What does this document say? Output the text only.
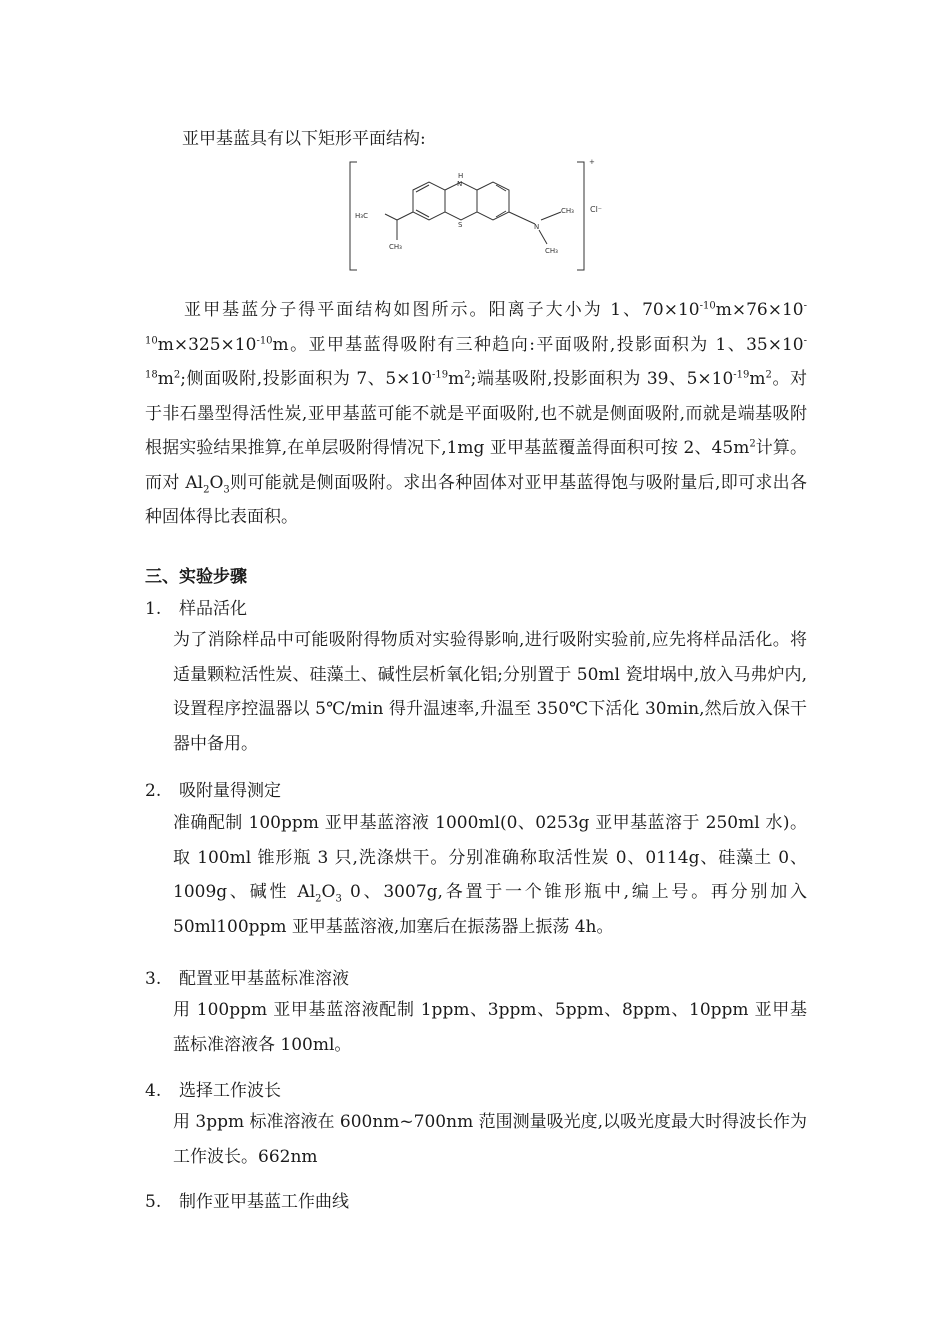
亚甲基蓝具有以下矩形平面结构:

H
N
S	N
H₃C
CH₃
CH₃
CH₃
+
Cl⁻

亚甲基蓝分子得平面结构如图所示。阳离子大小为 1、$70\times 10^{-10}m\times 76\times 10^{-10}m\times 325\times 10^{-10}m$。亚甲基蓝得吸附有三种趋向:平面吸附,投影面积为 1、$35\times 10^{-18}m^2$;侧面吸附,投影面积为 7、$5\times 10^{-19}m^2$;端基吸附,投影面积为 39、$5\times 10^{-19}m^2$。对于非石墨型得活性炭,亚甲基蓝可能不就是平面吸附,也不就是侧面吸附,而就是端基吸附根据实验结果推算,在单层吸附得情况下,1mg 亚甲基蓝覆盖得面积可按 2、$45m^2$计算。而对 $Al_2O_3$则可能就是侧面吸附。求出各种固体对亚甲基蓝得饱与吸附量后,即可求出各种固体得比表面积。

三、实验步骤
1. 样品活化

为了消除样品中可能吸附得物质对实验得影响,进行吸附实验前,应先将样品活化。将适量颗粒活性炭、硅藻土、碱性层析氧化铝;分别置于 50ml 瓷坩埚中,放入马弗炉内,设置程序控温器以 5℃/min 得升温速率,升温至 350℃下活化 30min,然后放入保干器中备用。

2. 吸附量得测定

准确配制 100ppm 亚甲基蓝溶液 1000ml(0、0253g 亚甲基蓝溶于 250ml 水)。取 100ml 锥形瓶 3 只,洗涤烘干。分别准确称取活性炭 0、0114g、硅藻土 0、1009g、碱性 $Al_2O_3$ 0、3007g,各置于一个锥形瓶中,编上号。再分别加入 50ml100ppm 亚甲基蓝溶液,加塞后在振荡器上振荡 4h。

3. 配置亚甲基蓝标准溶液

用 100ppm 亚甲基蓝溶液配制 1ppm、3ppm、5ppm、8ppm、10ppm 亚甲基蓝标准溶液各 100ml。

4. 选择工作波长

用 3ppm 标准溶液在 600nm~700nm 范围测量吸光度,以吸光度最大时得波长作为工作波长。662nm

5. 制作亚甲基蓝工作曲线
